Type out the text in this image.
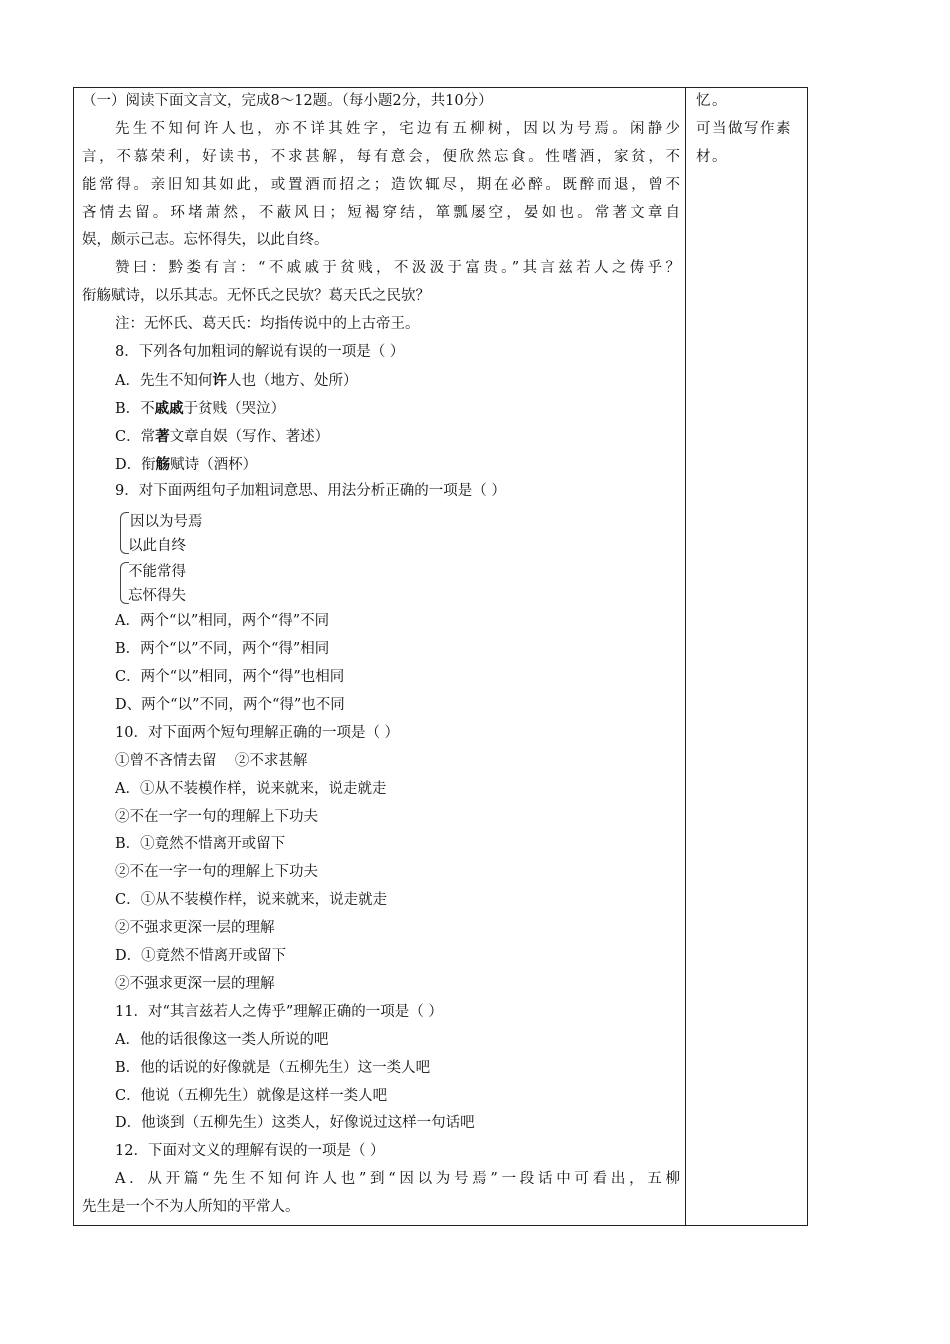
（一）阅读下面文言文，完成8～12题。（每小题2分，共10分）
先生不知何许人也，亦不详其姓字，宅边有五柳树，因以为号焉。闲静少
言，不慕荣利，好读书，不求甚解，每有意会，便欣然忘食。性嗜酒，家贫，不
能常得。亲旧知其如此，或置酒而招之；造饮辄尽，期在必醉。既醉而退，曾不
吝情去留。环堵萧然，不蔽风日；短褐穿结，箪瓢屡空，晏如也。常著文章自
娱，颇示己志。忘怀得失，以此自终。
赞曰：黔娄有言：“不戚戚于贫贱，不汲汲于富贵。”其言兹若人之俦乎？
衔觞赋诗，以乐其志。无怀氏之民欤？葛天氏之民欤？
注：无怀氏、葛天氏：均指传说中的上古帝王。
8．下列各句加粗词的解说有误的一项是（ ）
A．先生不知何许人也（地方、处所）
B．不戚戚于贫贱（哭泣）
C．常著文章自娱（写作、著述）
D．衔觞赋诗（酒杯）
9．对下面两组句子加粗词意思、用法分析正确的一项是（ ）
因以为号焉
以此自终
不能常得
忘怀得失
A．两个“以”相同，两个“得”不同
B．两个“以”不同，两个“得”相同
C．两个“以”相同，两个“得”也相同
D、两个“以”不同，两个“得”也不同
10．对下面两个短句理解正确的一项是（ ）
①曾不吝情去留    ②不求甚解
A．①从不装模作样，说来就来，说走就走
②不在一字一句的理解上下功夫
B．①竟然不惜离开或留下
②不在一字一句的理解上下功夫
C．①从不装模作样，说来就来，说走就走
②不强求更深一层的理解
D．①竟然不惜离开或留下
②不强求更深一层的理解
11．对“其言兹若人之俦乎”理解正确的一项是（ ）
A．他的话很像这一类人所说的吧
B．他的话说的好像就是（五柳先生）这一类人吧
C．他说（五柳先生）就像是这样一类人吧
D．他谈到（五柳先生）这类人，好像说过这样一句话吧
12．下面对文义的理解有误的一项是（ ）
A．从开篇“先生不知何许人也”到“因以为号焉”一段话中可看出，五柳
先生是一个不为人所知的平常人。
忆。
可当做写作素
材。
